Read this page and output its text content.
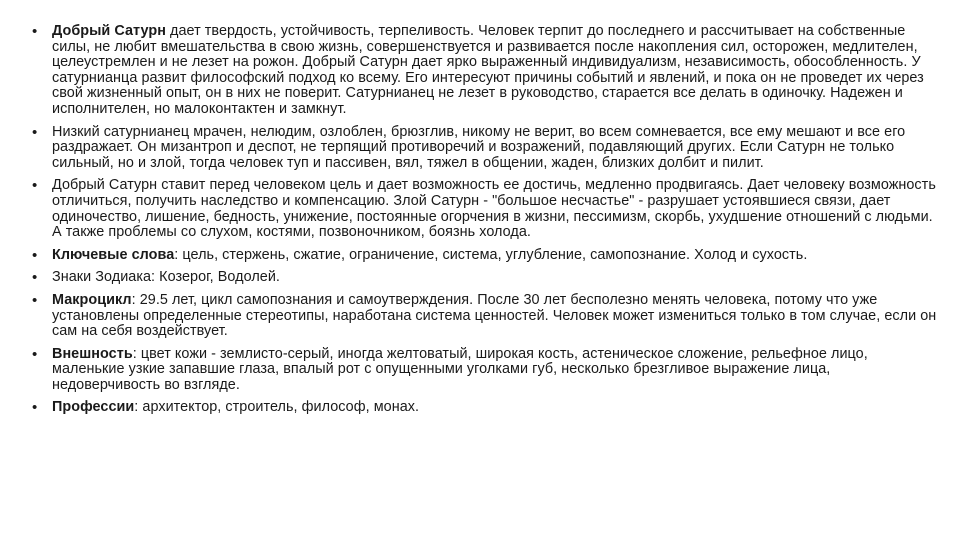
• Добрый Сатурн дает твердость, устойчивость, терпеливость. Человек терпит до последнего и рассчитывает на собственные силы, не любит вмешательства в свою жизнь, совершенствуется и развивается после накопления сил, осторожен, медлителен, целеустремлен и не лезет на рожон. Добрый Сатурн дает ярко выраженный индивидуализм, независимость, обособленность. У сатурнианца развит философский подход ко всему. Его интересуют причины событий и явлений, и пока он не проведет их через свой жизненный опыт, он в них не поверит. Сатурнианец не лезет в руководство, старается все делать в одиночку. Надежен и исполнителен, но малоконтактен и замкнут.
• Низкий сатурнианец мрачен, нелюдим, озлоблен, брюзглив, никому не верит, во всем сомневается, все ему мешают и все его раздражает. Он мизантроп и деспот, не терпящий противоречий и возражений, подавляющий других. Если Сатурн не только сильный, но и злой, тогда человек туп и пассивен, вял, тяжел в общении, жаден, близких долбит и пилит.
• Добрый Сатурн ставит перед человеком цель и дает возможность ее достичь, медленно продвигаясь. Дает человеку возможность отличиться, получить наследство и компенсацию. Злой Сатурн - "большое несчастье" - разрушает устоявшиеся связи, дает одиночество, лишение, бедность, унижение, постоянные огорчения в жизни, пессимизм, скорбь, ухудшение отношений с людьми. А также проблемы со слухом, костями, позвоночником, боязнь холода.
• Ключевые слова: цель, стержень, сжатие, ограничение, система, углубление, самопознание. Холод и сухость.
• Знаки Зодиака: Козерог, Водолей.
• Макроцикл: 29.5 лет, цикл самопознания и самоутверждения. После 30 лет бесполезно менять человека, потому что уже установлены определенные стереотипы, наработана система ценностей. Человек может измениться только в том случае, если он сам на себя воздействует.
• Внешность: цвет кожи - землисто-серый, иногда желтоватый, широкая кость, астеническое сложение, рельефное лицо, маленькие узкие запавшие глаза, впалый рот с опущенными уголками губ, несколько брезгливое выражение лица, недоверчивость во взгляде.
• Профессии: архитектор, строитель, философ, монах.
